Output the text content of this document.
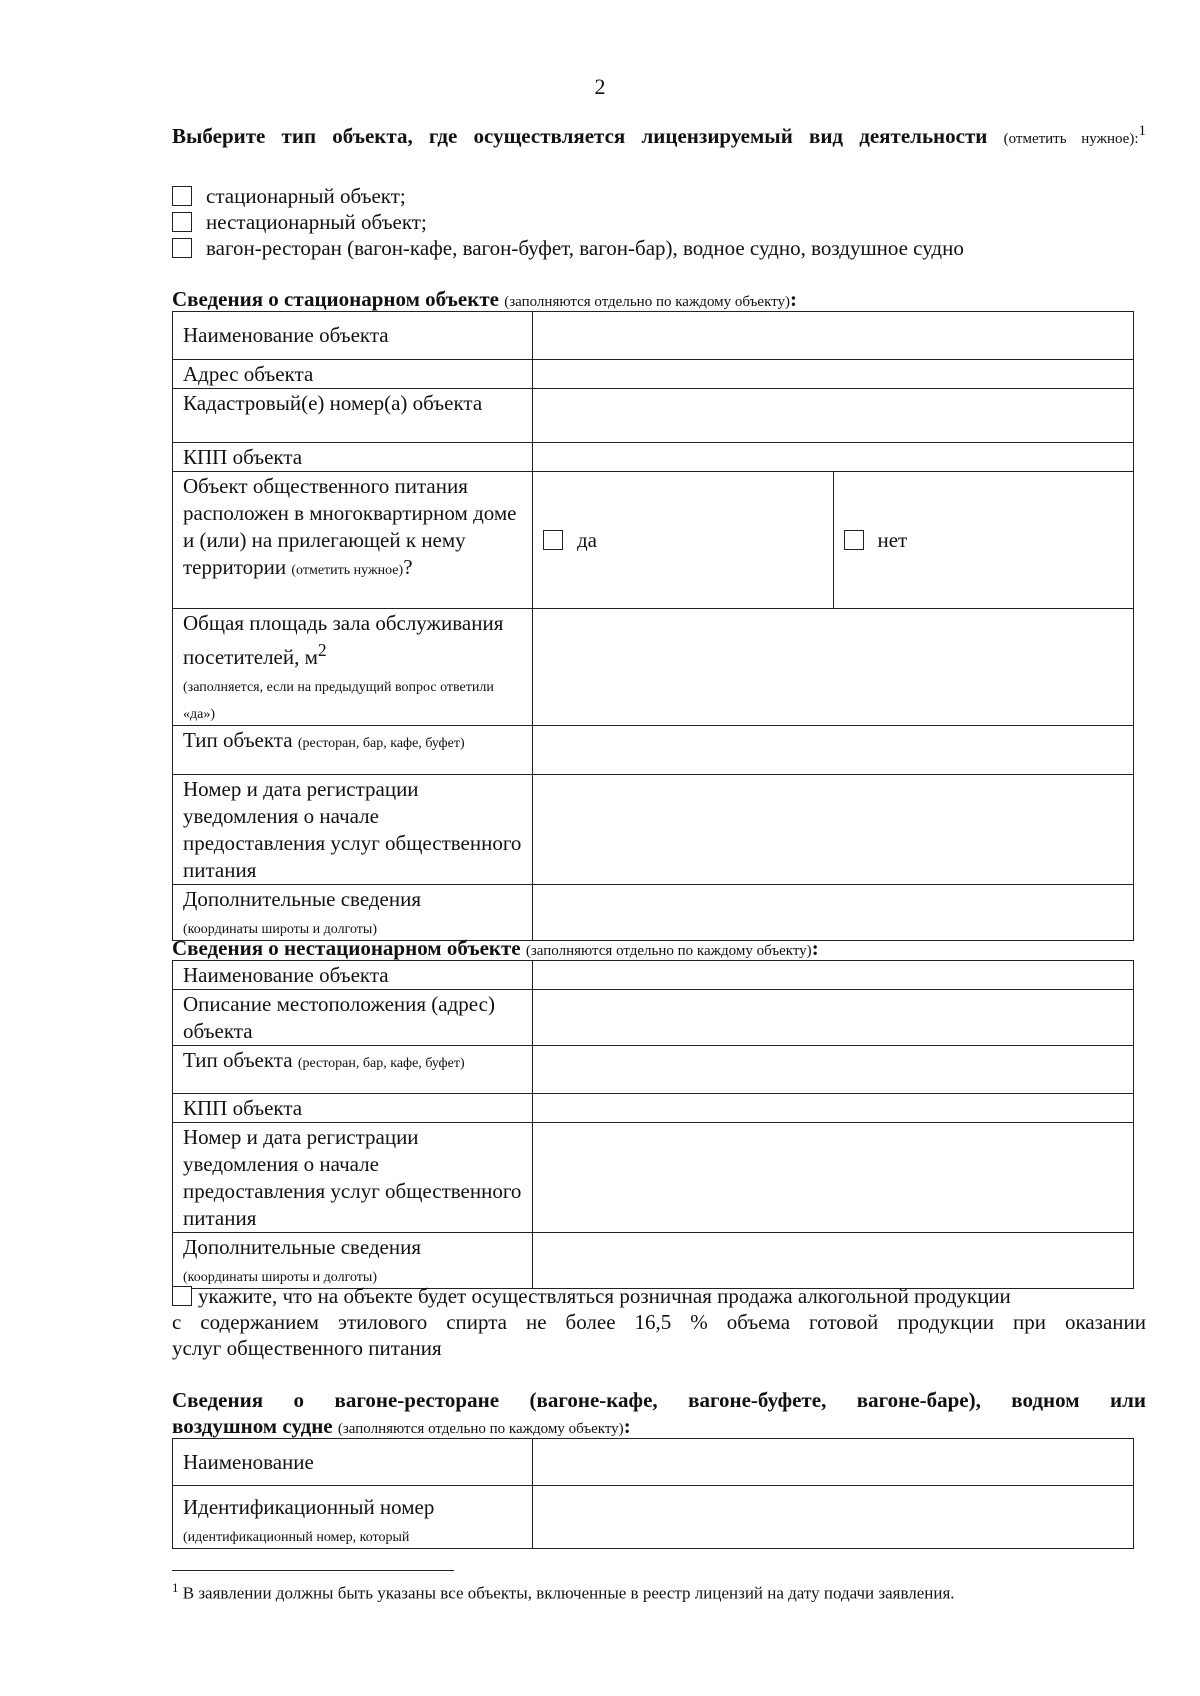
2
Выберите тип объекта, где осуществляется лицензируемый вид деятельности (отметить нужное):$^1$
стационарный объект;
нестационарный объект;
вагон-ресторан (вагон-кафе, вагон-буфет, вагон-бар), водное судно, воздушное судно
Сведения о стационарном объекте (заполняются отдельно по каждому объекту):
Наименование объекта	
Адрес объекта	
Кадастровый(е) номер(а) объекта	
КПП объекта	
Объект общественного питания расположен в многоквартирном доме и (или) на прилегающей к нему территории (отметить нужное)?	да нет

Общая площадь зала обслуживания посетителей, $м^2$
(заполняется, если на предыдущий вопрос ответили «да»)	
Тип объекта (ресторан, бар, кафе, буфет)	
Номер и дата регистрации уведомления о начале предоставления услуг общественного питания	
Дополнительные сведения
(координаты широты и долготы)	
Сведения о нестационарном объекте (заполняются отдельно по каждому объекту):
Наименование объекта	
Описание местоположения (адрес) объекта	
Тип объекта (ресторан, бар, кафе, буфет)	
КПП объекта	
Номер и дата регистрации уведомления о начале предоставления услуг общественного питания	
Дополнительные сведения
(координаты широты и долготы)	
укажите, что на объекте будет осуществляться розничная продажа алкогольной продукции
с содержанием этилового спирта не более 16,5 % объема готовой продукции при оказании
услуг общественного питания
Сведения о вагоне-ресторане (вагоне-кафе, вагоне-буфете, вагоне-баре), водном или
воздушном судне (заполняются отдельно по каждому объекту):
Наименование	
Идентификационный номер
(идентификационный номер, который	
$^1$ В заявлении должны быть указаны все объекты, включенные в реестр лицензий на дату подачи заявления.
